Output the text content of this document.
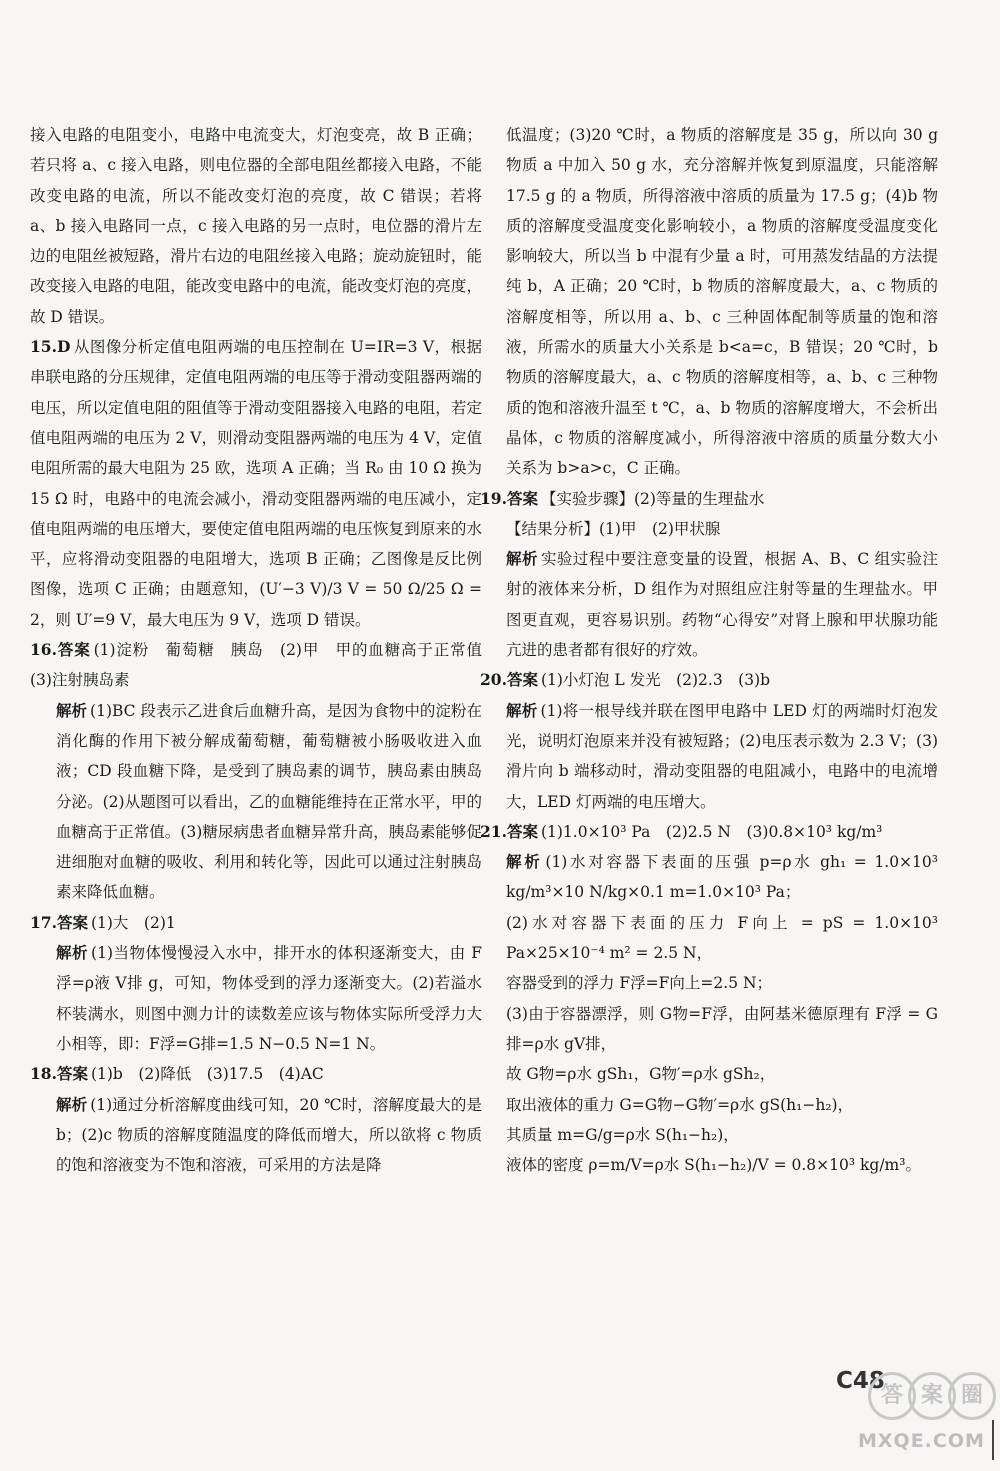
接入电路的电阻变小，电路中电流变大，灯泡变亮，故 B 正确；若只将 a、c 接入电路，则电位器的全部电阻丝都接入电路，不能改变电路的电流，所以不能改变灯泡的亮度，故 C 错误；若将 a、b 接入电路同一点，c 接入电路的另一点时，电位器的滑片左边的电阻丝被短路，滑片右边的电阻丝接入电路；旋动旋钮时，能改变接入电路的电阻，能改变电路中的电流，能改变灯泡的亮度，故 D 错误。
15.D 从图像分析定值电阻两端的电压控制在 U=IR=3 V，根据串联电路的分压规律，定值电阻两端的电压等于滑动变阻器两端的电压，所以定值电阻的阻值等于滑动变阻器接入电路的电阻，若定值电阻两端的电压为 2 V，则滑动变阻器两端的电压为 4 V，定值电阻所需的最大电阻为 25 欧，选项 A 正确；当 R₀ 由 10 Ω 换为 15 Ω 时，电路中的电流会减小，滑动变阻器两端的电压减小，定值电阻两端的电压增大，要使定值电阻两端的电压恢复到原来的水平，应将滑动变阻器的电阻增大，选项 B 正确；乙图像是反比例图像，选项 C 正确；由题意知，(U′−3 V)/3 V = 50 Ω/25 Ω = 2，则 U′=9 V，最大电压为 9 V，选项 D 错误。
16.答案 (1)淀粉　葡萄糖　胰岛　(2)甲　甲的血糖高于正常值　(3)注射胰岛素
解析 (1)BC 段表示乙进食后血糖升高，是因为食物中的淀粉在消化酶的作用下被分解成葡萄糖，葡萄糖被小肠吸收进入血液；CD 段血糖下降，是受到了胰岛素的调节，胰岛素由胰岛分泌。(2)从题图可以看出，乙的血糖能维持在正常水平，甲的血糖高于正常值。(3)糖尿病患者血糖异常升高，胰岛素能够促进细胞对血糖的吸收、利用和转化等，因此可以通过注射胰岛素来降低血糖。
17.答案 (1)大　(2)1
解析 (1)当物体慢慢浸入水中，排开水的体积逐渐变大，由 F浮=ρ液 V排 g，可知，物体受到的浮力逐渐变大。(2)若溢水杯装满水，则图中测力计的读数差应该与物体实际所受浮力大小相等，即：F浮=G排=1.5 N−0.5 N=1 N。
18.答案 (1)b　(2)降低　(3)17.5　(4)AC
解析 (1)通过分析溶解度曲线可知，20 ℃时，溶解度最大的是 b；(2)c 物质的溶解度随温度的降低而增大，所以欲将 c 物质的饱和溶液变为不饱和溶液，可采用的方法是降
低温度；(3)20 ℃时，a 物质的溶解度是 35 g，所以向 30 g 物质 a 中加入 50 g 水，充分溶解并恢复到原温度，只能溶解 17.5 g 的 a 物质，所得溶液中溶质的质量为 17.5 g；(4)b 物质的溶解度受温度变化影响较小，a 物质的溶解度受温度变化影响较大，所以当 b 中混有少量 a 时，可用蒸发结晶的方法提纯 b，A 正确；20 ℃时，b 物质的溶解度最大，a、c 物质的溶解度相等，所以用 a、b、c 三种固体配制等质量的饱和溶液，所需水的质量大小关系是 b<a=c，B 错误；20 ℃时，b 物质的溶解度最大，a、c 物质的溶解度相等，a、b、c 三种物质的饱和溶液升温至 t ℃，a、b 物质的溶解度增大，不会析出晶体，c 物质的溶解度减小，所得溶液中溶质的质量分数大小关系为 b>a>c，C 正确。
19.答案 【实验步骤】(2)等量的生理盐水
【结果分析】(1)甲　(2)甲状腺
解析 实验过程中要注意变量的设置，根据 A、B、C 组实验注射的液体来分析，D 组作为对照组应注射等量的生理盐水。甲图更直观，更容易识别。药物“心得安”对肾上腺和甲状腺功能亢进的患者都有很好的疗效。
20.答案 (1)小灯泡 L 发光　(2)2.3　(3)b
解析 (1)将一根导线并联在图甲电路中 LED 灯的两端时灯泡发光，说明灯泡原来并没有被短路；(2)电压表示数为 2.3 V；(3)滑片向 b 端移动时，滑动变阻器的电阻减小，电路中的电流增大，LED 灯两端的电压增大。
21.答案 (1)1.0×10³ Pa　(2)2.5 N　(3)0.8×10³ kg/m³
解析 (1)水对容器下表面的压强 p=ρ水 gh₁ = 1.0×10³ kg/m³×10 N/kg×0.1 m=1.0×10³ Pa；
(2)水对容器下表面的压力 F向上 = pS = 1.0×10³ Pa×25×10⁻⁴ m² = 2.5 N，
容器受到的浮力 F浮=F向上=2.5 N；
(3)由于容器漂浮，则 G物=F浮，由阿基米德原理有 F浮 = G排=ρ水 gV排，
故 G物=ρ水 gSh₁，G物′=ρ水 gSh₂，
取出液体的重力 G=G物−G物′=ρ水 gS(h₁−h₂)，
其质量 m=G/g=ρ水 S(h₁−h₂)，
液体的密度 ρ=m/V=ρ水 S(h₁−h₂)/V = 0.8×10³ kg/m³。
C48
答 案 圈
MXQE.COM
